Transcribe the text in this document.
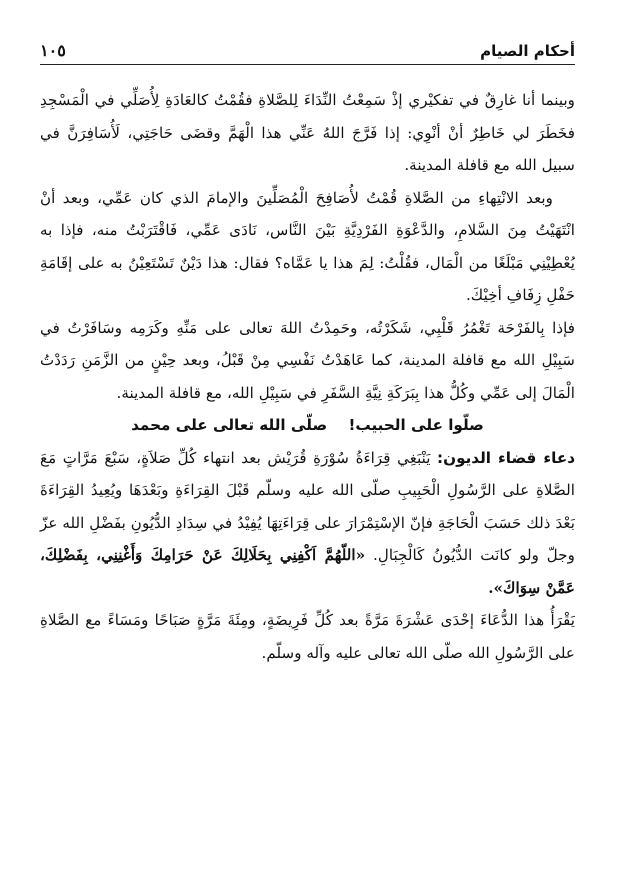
أحكام الصيام
١٠٥

وبينما أنا غارِقٌ في تفكيْري إذْ سَمِعْتُ النِّدَاءَ لِلصَّلاةِ فقُمْتُ كالعَادَةِ لِأُصَلِّي في الْمَسْجِدِ فخَطَرَ لي خَاطِرٌ أنْ أنْوِي: إذا فَرَّجَ اللهُ عَنِّي هذا الْهَمَّ وقضَى حَاجَتِي، لَأُسَافِرَنَّ في سبيل الله مع قافلة المدينة.

وبعد الانْتِهاءِ من الصَّلاةِ قُمْتُ لأُصَافِحَ الْمُصَلِّينَ والإمامَ الذي كان عَمِّي، وبعد أنْ انْتَهَيْتُ مِنَ السَّلامِ، والدَّعْوَةِ الفَرْدِيَّةِ بَيْنَ النَّاس، نَادَى عَمِّي، فَاقْتَرَبْتُ منه، فإذا به يُعْطِيْنِي مَبْلَغًا من الْمَال، فقُلْتُ: لِمَ هذا يا عَمَّاه؟ فقال: هذا دَيْنٌ تَسْتَعِيْنُ به على إقَامَةِ حَفْلِ زِفَافِ أخِيْكَ.

فإذا بِالفَرْحَة تَغْمُرُ قَلْبِي، شَكَرْتُه، وحَمِدْتُ اللهَ تعالى على مَنِّهِ وكَرَمِه وسَافَرْتُ في سَبِيْلِ الله مع قافلة المدينة، كما عَاهَدْتُ نَفْسِي مِنْ قَبْلُ، وبعد حِيْنٍ من الزَّمَنِ رَدَدْتُ الْمَالَ إلى عَمِّي وكُلُّ هذا بِبَرَكَةِ نِيَّةِ السَّفَرِ في سَبِيْلِ الله، مع قافلة المدينة.

صلّوا على الحبيب! صلّى الله تعالى على محمد

دعاء قضاء الديون: يَنْبَغِي قِرَاءَةُ سُوْرَةِ قُرَيْش بعد انتهاء كُلِّ صَلاَةٍ، سَبْعَ مَرَّاتٍ مَعَ الصَّلاةِ على الرَّسُولِ الْحَبِيبِ صلّى الله عليه وسلّم قَبْلَ القِرَاءَةِ وبَعْدَهَا ويُعِيدُ القِرَاءَةَ بَعْدَ ذلك حَسَبَ الْحَاجَةِ فإنّ الإسْتِمْرَارَ على قِرَاءَتِهَا يُفِيْدُ في سِدَادِ الدُّيُونِ بفَضْلِ الله عزّ وجلّ ولو كانَت الدُّيُونُ كَالْجِبَالِ. «اللّهُمَّ اَكْفِنِي بِحَلَالِكَ عَنْ حَرَامِكَ وَأَغْنِنِي، بِفَضْلِكَ، عَمَّنْ سِوَاكَ».

يَقْرَأُ هذا الدُّعَاءَ إحْدَى عَشْرَةَ مَرَّةً بعد كُلِّ فَرِيضَةٍ، ومِئَةَ مَرَّةٍ صَبَاحًا ومَسَاءً مع الصَّلاةِ على الرَّسُولِ الله صلّى الله تعالى عليه وآله وسلّم.
